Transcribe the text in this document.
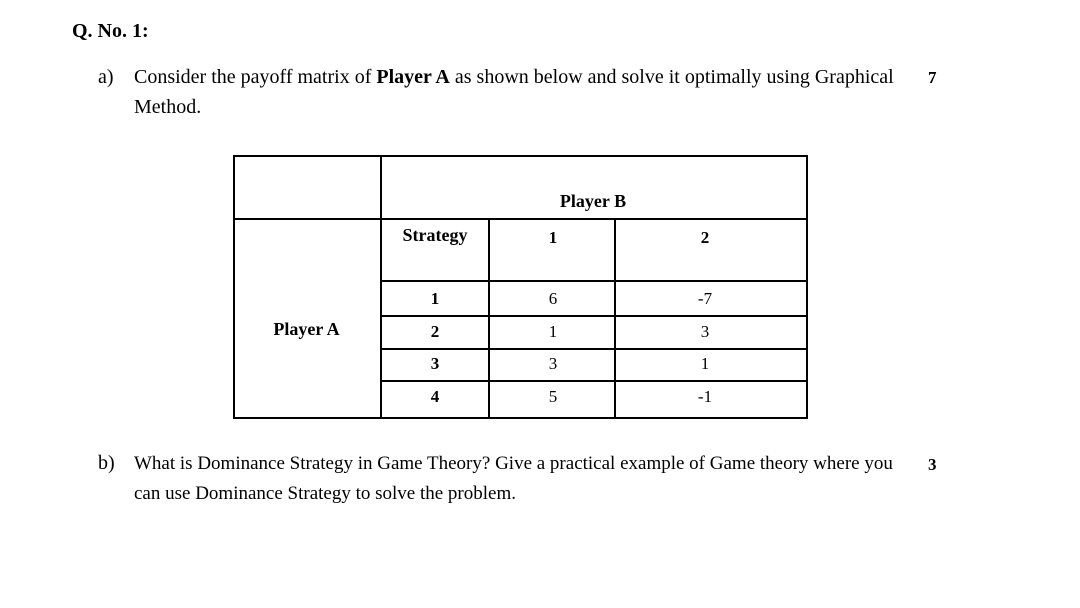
Q. No. 1:
a) Consider the payoff matrix of Player A as shown below and solve it optimally using Graphical Method.
7
Player B
Strategy	1	2
Player A
1	6	-7
2	1	3
3	3	1
4	5	-1
b) What is Dominance Strategy in Game Theory? Give a practical example of Game theory where you can use Dominance Strategy to solve the problem.
3
